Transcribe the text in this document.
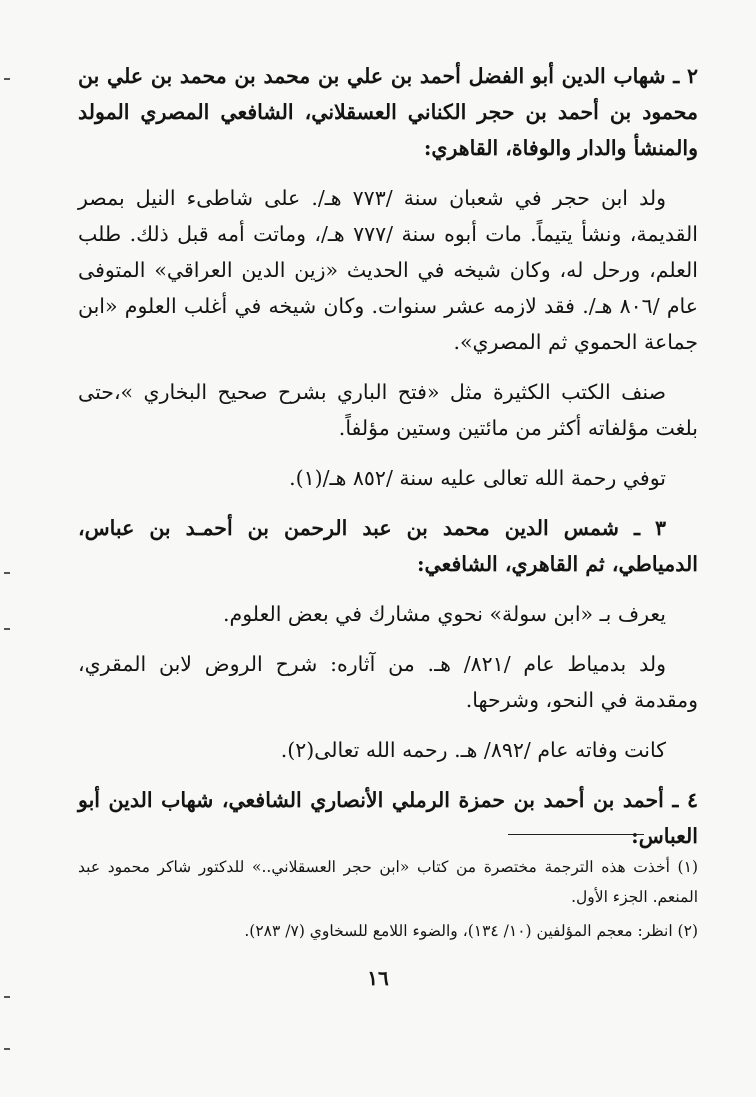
٢ ـ شهاب الدين أبو الفضل أحمد بن علي بن محمد بن محمد بن علي بن محمود بن أحمد بن حجر الكناني العسقلاني، الشافعي المصري المولد والمنشأ والدار والوفاة، القاهري:

ولد ابن حجر في شعبان سنة /٧٧٣ هـ/. على شاطىء النيل بمصر القديمة، ونشأ يتيماً. مات أبوه سنة /٧٧٧ هـ/، وماتت أمه قبل ذلك. طلب العلم، ورحل له، وكان شيخه في الحديث «زين الدين العراقي» المتوفى عام /٨٠٦ هـ/. فقد لازمه عشر سنوات. وكان شيخه في أغلب العلوم «ابن جماعة الحموي ثم المصري».

صنف الكتب الكثيرة مثل «فتح الباري بشرح صحيح البخاري »،حتى بلغت مؤلفاته أكثر من مائتين وستين مؤلفاً.

توفي رحمة الله تعالى عليه سنة /٨٥٢ هـ/(١).

٣ ـ شمس الدين محمد بن عبد الرحمن بن أحمـد بن عباس، الدمياطي، ثم القاهري، الشافعي:

يعرف بـ «ابن سولة» نحوي مشارك في بعض العلوم.

ولد بدمياط عام /٨٢١/ هـ. من آثاره: شرح الروض لابن المقري، ومقدمة في النحو، وشرحها.

كانت وفاته عام /٨٩٢/ هـ. رحمه الله تعالى(٢).

٤ ـ أحمد بن أحمد بن حمزة الرملي الأنصاري الشافعي، شهاب الدين أبو العباس:

(١) أخذت هذه الترجمة مختصرة من كتاب «ابن حجر العسقلاني..» للدكتور شاكر محمود عبد المنعم. الجزء الأول.

(٢) انظر: معجم المؤلفين (١٠/ ١٣٤)، والضوء اللامع للسخاوي (٧/ ٢٨٣).

١٦
